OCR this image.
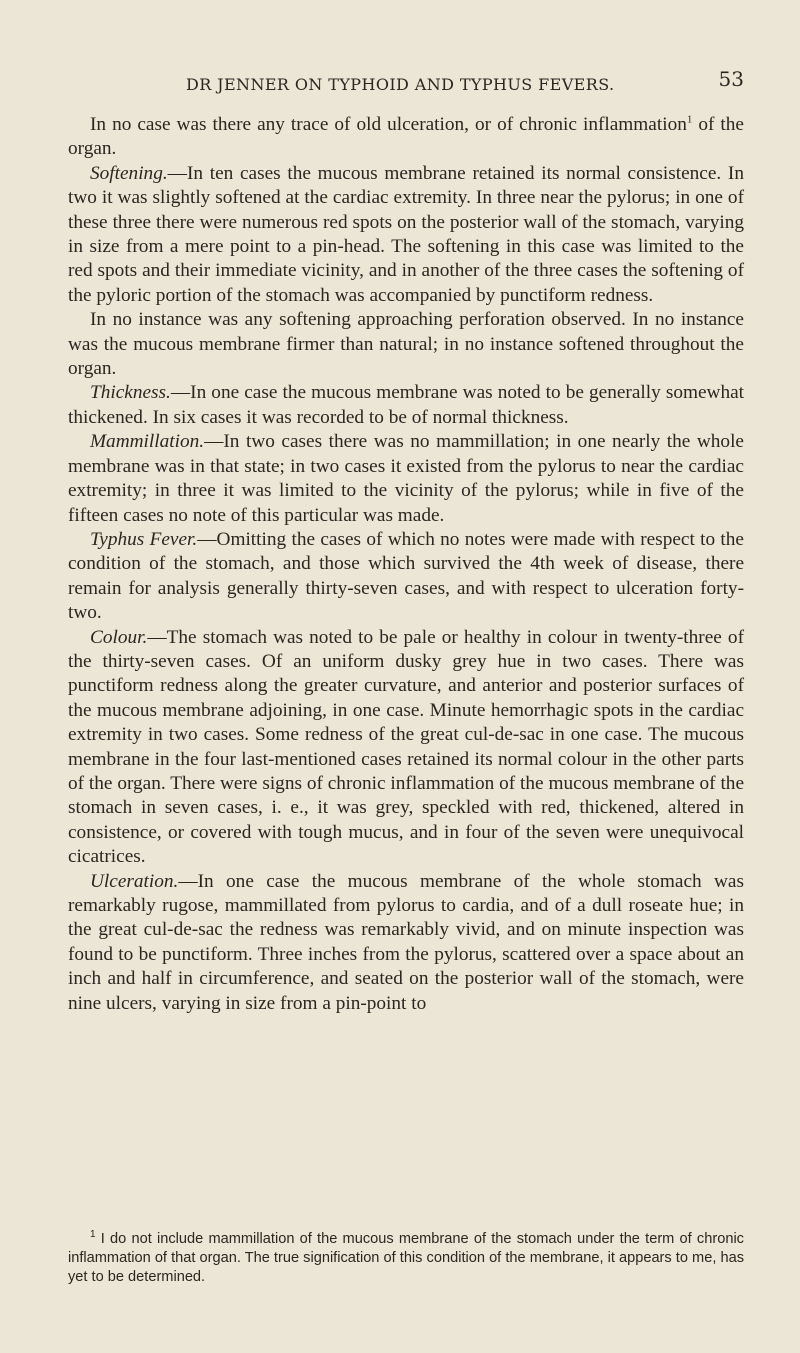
DR JENNER ON TYPHOID AND TYPHUS FEVERS.	53

In no case was there any trace of old ulceration, or of chronic inflammation$^1$ of the organ.

Softening.—In ten cases the mucous membrane retained its normal consistence. In two it was slightly softened at the cardiac extremity. In three near the pylorus; in one of these three there were numerous red spots on the posterior wall of the stomach, varying in size from a mere point to a pin-head. The softening in this case was limited to the red spots and their immediate vicinity, and in another of the three cases the softening of the pyloric portion of the stomach was accompanied by punctiform redness.

In no instance was any softening approaching perforation observed. In no instance was the mucous membrane firmer than natural; in no instance softened throughout the organ.

Thickness.—In one case the mucous membrane was noted to be generally somewhat thickened. In six cases it was recorded to be of normal thickness.

Mammillation.—In two cases there was no mammillation; in one nearly the whole membrane was in that state; in two cases it existed from the pylorus to near the cardiac extremity; in three it was limited to the vicinity of the pylorus; while in five of the fifteen cases no note of this particular was made.

Typhus Fever.—Omitting the cases of which no notes were made with respect to the condition of the stomach, and those which survived the 4th week of disease, there remain for analysis generally thirty-seven cases, and with respect to ulceration forty-two.

Colour.—The stomach was noted to be pale or healthy in colour in twenty-three of the thirty-seven cases. Of an uniform dusky grey hue in two cases. There was punctiform redness along the greater curvature, and anterior and posterior surfaces of the mucous membrane adjoining, in one case. Minute hemorrhagic spots in the cardiac extremity in two cases. Some redness of the great cul-de-sac in one case. The mucous membrane in the four last-mentioned cases retained its normal colour in the other parts of the organ. There were signs of chronic inflammation of the mucous membrane of the stomach in seven cases, i. e., it was grey, speckled with red, thickened, altered in consistence, or covered with tough mucus, and in four of the seven were unequivocal cicatrices.

Ulceration.—In one case the mucous membrane of the whole stomach was remarkably rugose, mammillated from pylorus to cardia, and of a dull roseate hue; in the great cul-de-sac the redness was remarkably vivid, and on minute inspection was found to be punctiform. Three inches from the pylorus, scattered over a space about an inch and half in circumference, and seated on the posterior wall of the stomach, were nine ulcers, varying in size from a pin-point to

$^1$ I do not include mammillation of the mucous membrane of the stomach under the term of chronic inflammation of that organ. The true signification of this condition of the membrane, it appears to me, has yet to be determined.
